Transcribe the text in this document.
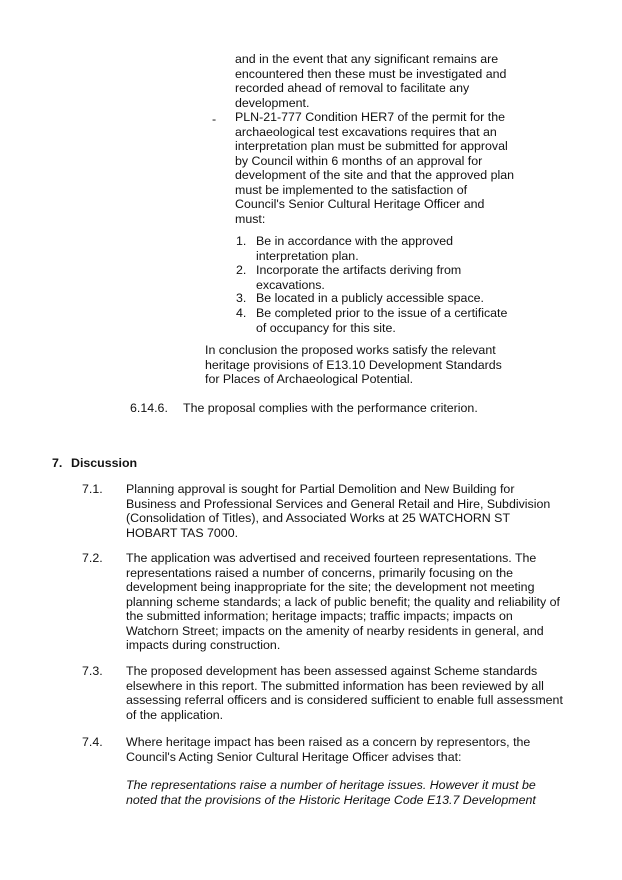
and in the event that any significant remains are
encountered then these must be investigated and
recorded ahead of removal to facilitate any
development.
- PLN-21-777 Condition HER7 of the permit for the
archaeological test excavations requires that an
interpretation plan must be submitted for approval
by Council within 6 months of an approval for
development of the site and that the approved plan
must be implemented to the satisfaction of
Council's Senior Cultural Heritage Officer and
must:
1. Be in accordance with the approved
interpretation plan.
2. Incorporate the artifacts deriving from
excavations.
3. Be located in a publicly accessible space.
4. Be completed prior to the issue of a certificate
of occupancy for this site.
In conclusion the proposed works satisfy the relevant
heritage provisions of E13.10 Development Standards
for Places of Archaeological Potential.
6.14.6. The proposal complies with the performance criterion.
7. Discussion
7.1. Planning approval is sought for Partial Demolition and New Building for
Business and Professional Services and General Retail and Hire, Subdivision
(Consolidation of Titles), and Associated Works at 25 WATCHORN ST
HOBART TAS 7000.
7.2. The application was advertised and received fourteen representations. The
representations raised a number of concerns, primarily focusing on the
development being inappropriate for the site; the development not meeting
planning scheme standards; a lack of public benefit; the quality and reliability of
the submitted information; heritage impacts; traffic impacts; impacts on
Watchorn Street; impacts on the amenity of nearby residents in general, and
impacts during construction.
7.3. The proposed development has been assessed against Scheme standards
elsewhere in this report. The submitted information has been reviewed by all
assessing referral officers and is considered sufficient to enable full assessment
of the application.
7.4. Where heritage impact has been raised as a concern by representors, the
Council's Acting Senior Cultural Heritage Officer advises that:
The representations raise a number of heritage issues. However it must be
noted that the provisions of the Historic Heritage Code E13.7 Development
